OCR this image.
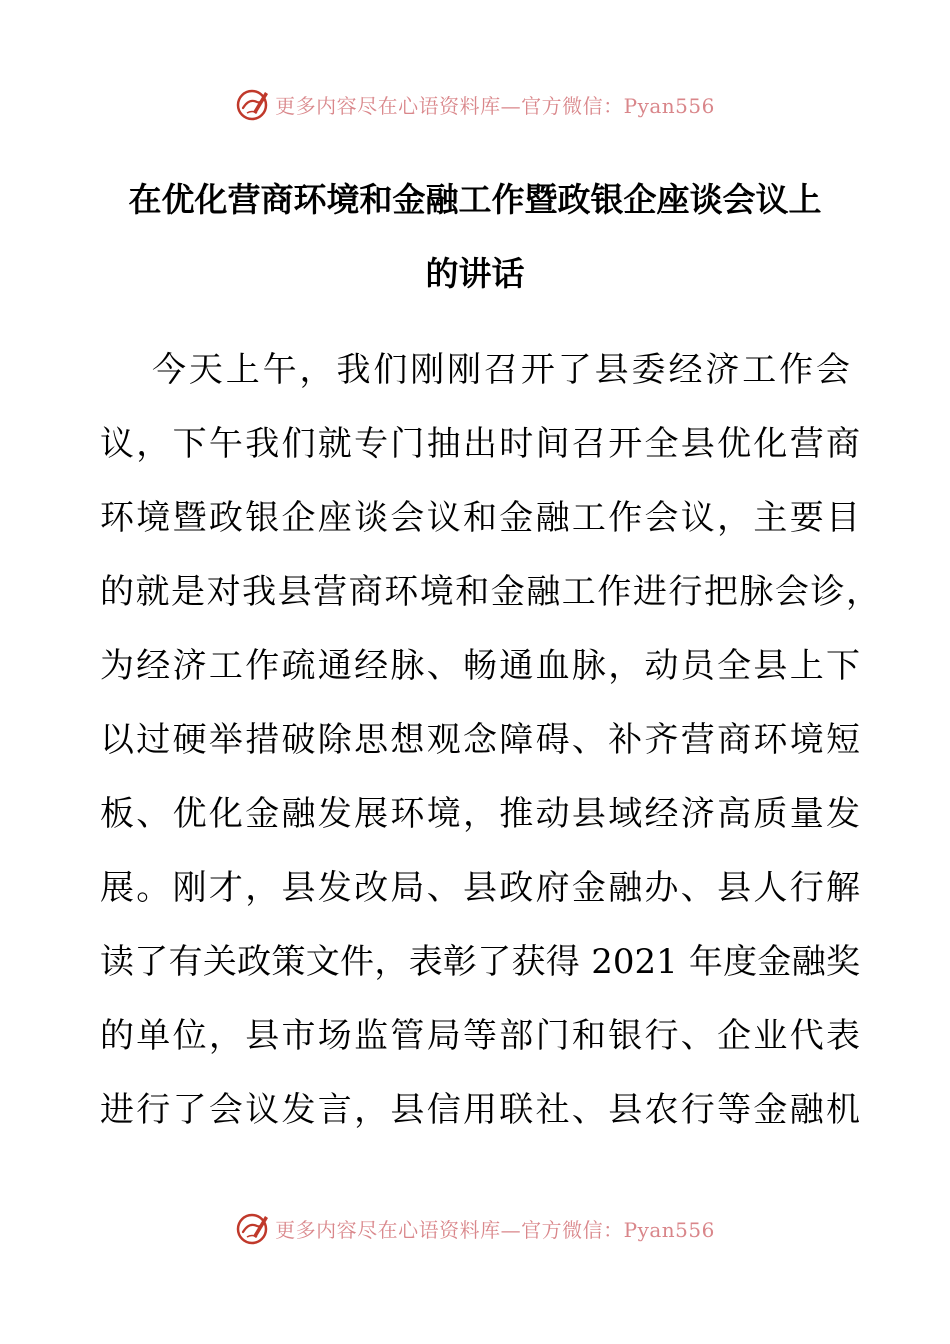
更多内容尽在心语资料库—官方微信：Pyan556
在优化营商环境和金融工作暨政银企座谈会议上
的讲话
今天上午，我们刚刚召开了县委经济工作会
议，下午我们就专门抽出时间召开全县优化营商
环境暨政银企座谈会议和金融工作会议，主要目
的就是对我县营商环境和金融工作进行把脉会诊，
为经济工作疏通经脉、畅通血脉，动员全县上下
以过硬举措破除思想观念障碍、补齐营商环境短
板、优化金融发展环境，推动县域经济高质量发
展。刚才，县发改局、县政府金融办、县人行解
读了有关政策文件，表彰了获得 2021 年度金融奖
的单位，县市场监管局等部门和银行、企业代表
进行了会议发言，县信用联社、县农行等金融机
更多内容尽在心语资料库—官方微信：Pyan556
